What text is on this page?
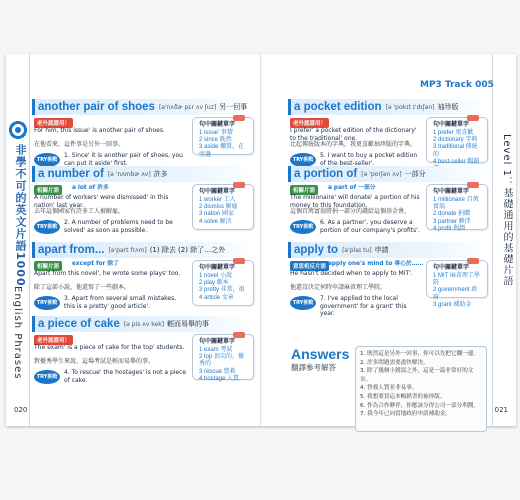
非學不可的英文片語1000
English Phrases
Level 1：基礎通用的基礎片語
MP3 Track 005
another pair of shoes [ə'nʌðɚ pɛr ʌv ʃuz] 另一回事
老外認證用！
For him, this issue' is another pair of shoes.
在他看來，這件事是另外一回事。
TRY挑戰
1. Since' it is another pair of shoes, you can put it aside' first.
句中關鍵單字
1 issue' 事情
2 since 既然
3 aside 擱置，在旁邊
a number of [ə 'nʌmbɚ ʌv] 許多
相關片語	a lot of 許多
A number of workers' were dismissed' in this nation' last year.
去年這個國家有許多工人被解雇。
TRY挑戰
2. A number of problems need to be solved' as soon as possible.
句中關鍵單字
1 worker 工人
2 dismiss 解雇
3 nation 國家
4 solve 解決
apart from... [ə'part frʌm] (1) 除去 (2) 除了…之外
相關片語	except for 除了
Apart from this novel', he wrote some plays' too.
除了這部小說，他還寫了一些劇本。
TRY挑戰
3. Apart from several small mistakes, this is a pretty' good article'.
句中關鍵單字
1 novel 小說
2 play 劇本
3 pretty 非常，很
4 article 文章
a piece of cake [ə pis ʌv kek] 輕而易舉的事
老外認證用！
The exam' is a piece of cake for the top' students.
對優秀學生來說，這場考試是輕而易舉的事。
TRY挑戰
4. To rescue' the hostages' is not a piece of cake.
句中關鍵單字
1 exam 考試
2 top 頂尖的，優秀的
3 rescue 營救
4 hostage 人質
a pocket edition [ə 'pɑkɪt ɪ'dɪʃən] 袖珍版
老外認證用！
I prefer' a pocket edition of the dictionary' to the traditional' one.
比起傳統版本的字典，我更喜歡袖珍版的字典。
TRY挑戰
5. I want to buy a pocket edition of the best-seller'.
句中關鍵單字
1 prefer 更喜歡
2 dictionary 字典
3 traditional 傳統的
4 best-seller 暢銷
a portion of [ə 'porʃən ʌv] 一部分
相關片語	a part of 一部分
The millionaire' will donate' a portion of his money to this foundation.
這個百萬富翁將捐一部分的錢給這個基金會。
TRY挑戰
6. As a partner', you deserve a portion of our company's profits'.
句中關鍵單字
1 millionaire 百萬富翁
2 donate 捐贈
3 partner 夥伴
4 profit 利潤
apply to [ə'plaɪ tu] 申請
意思相反片語 apply one's mind to 專心於……
He hasn't decided when to apply to MIT'.
他還沒決定何時申請麻省理工學院。
TRY挑戰
7. I've applied to the local government' for a grant' this year.
句中關鍵單字
1 MIT 麻省理工學院
2 government 政府
3 grant 補助金
Answers
翻譯參考解答
1. 既然這是另外一回事，你可以先把它擱一邊。
2. 許多問題需要盡快解決。
3. 除了幾個小錯誤之外，這是一篇非常好的文章。
4. 營救人質並非易事。
5. 我想要買這本暢銷書的袖珍版。
6. 作為合作夥伴，你應該分得公司一部分利潤。
7. 我今年已向當地政府申請補助金。
020	021
